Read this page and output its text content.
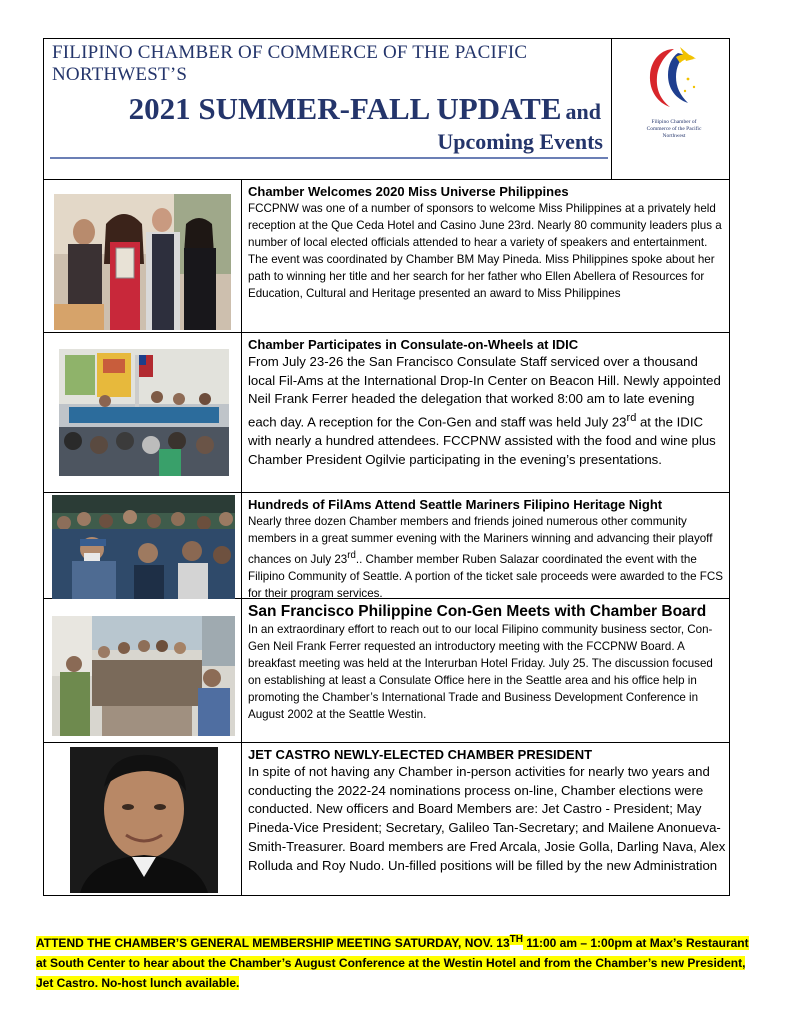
FILIPINO CHAMBER OF COMMERCE OF THE PACIFIC
NORTHWEST’S
2021 SUMMER-FALL UPDATE and
Upcoming Events
Filipino Chamber of Commerce of the Pacific Northwest
Chamber Welcomes 2020 Miss Universe Philippines
FCCPNW was one of a number of sponsors to welcome Miss Philippines at a privately held reception at the Que Ceda Hotel and Casino June 23rd. Nearly 80 community leaders plus a number of local elected officials attended to hear a variety of speakers and entertainment. The event was coordinated by Chamber BM May Pineda. Miss Philippines spoke about her path to winning her title and her search for her father who Ellen Abellera of Resources for Education, Cultural and Heritage presented an award to Miss Philippines
Chamber Participates in Consulate-on-Wheels at IDIC
From July 23-26 the San Francisco Consulate Staff serviced over a thousand local Fil-Ams at the International Drop-In Center on Beacon Hill. Newly appointed Neil Frank Ferrer headed the delegation that worked 8:00 am to late evening each day. A reception for the Con-Gen and staff was held July 23rd at the IDIC with nearly a hundred attendees. FCCPNW assisted with the food and wine plus Chamber President Ogilvie participating in the evening’s presentations.
Hundreds of FilAms Attend Seattle Mariners Filipino Heritage Night
Nearly three dozen Chamber members and friends joined numerous other community members in a great summer evening with the Mariners winning and advancing their playoff chances on July 23rd.. Chamber member Ruben Salazar coordinated the event with the Filipino Community of Seattle. A portion of the ticket sale proceeds were awarded to the FCS for their program services.
San Francisco Philippine Con-Gen Meets with Chamber Board
In an extraordinary effort to reach out to our local Filipino community business sector, Con-Gen Neil Frank Ferrer requested an introductory meeting with the FCCPNW Board. A breakfast meeting was held at the Interurban Hotel Friday. July 25. The discussion focused on establishing at least a Consulate Office here in the Seattle area and his office help in promoting the Chamber’s International Trade and Business Development Conference in August 2002 at the Seattle Westin.
JET CASTRO NEWLY-ELECTED CHAMBER PRESIDENT
In spite of not having any Chamber in-person activities for nearly two years and conducting the 2022-24 nominations process on-line, Chamber elections were conducted. New officers and Board Members are: Jet Castro - President; May Pineda-Vice President; Secretary, Galileo Tan-Secretary; and Mailene Anonueva-Smith-Treasurer. Board members are Fred Arcala, Josie Golla, Darling Nava, Alex Rolluda and Roy Nudo. Un-filled positions will be filled by the new Administration
ATTEND THE CHAMBER’S GENERAL MEMBERSHIP MEETING SATURDAY, NOV. 13TH 11:00 am – 1:00pm at Max’s Restaurant at South Center to hear about the Chamber’s August Conference at the Westin Hotel and from the Chamber’s new President, Jet Castro. No-host lunch available.
